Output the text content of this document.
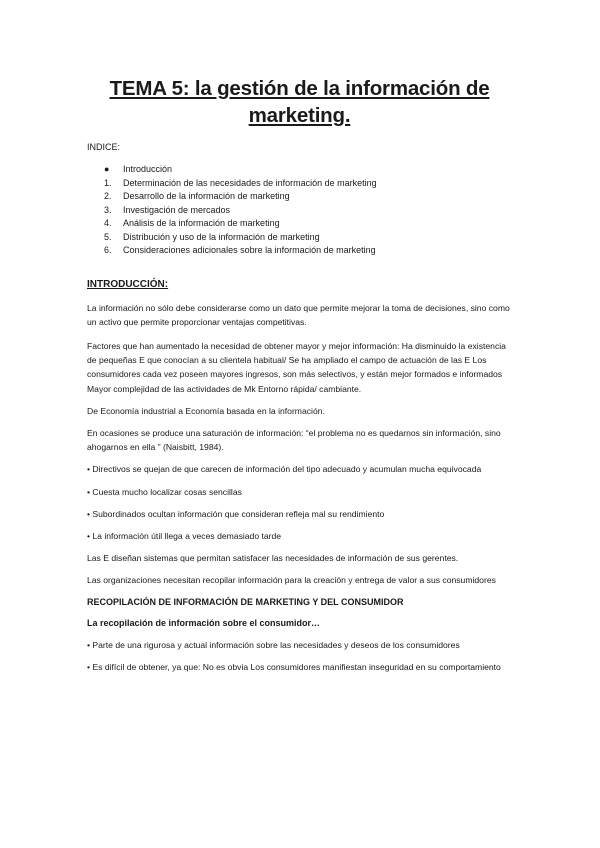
TEMA 5: la gestión de la información de
marketing.
INDICE:
● Introducción
1. Determinación de las necesidades de información de marketing
2. Desarrollo de la información de marketing
3. Investigación de mercados
4. Análisis de la información de marketing
5. Distribución y uso de la información de marketing
6. Consideraciones adicionales sobre la información de marketing
INTRODUCCIÓN:

La información no sólo debe considerarse como un dato que permite mejorar la toma de decisiones, sino como un activo que permite proporcionar ventajas competitivas.

Factores que han aumentado la necesidad de obtener mayor y mejor información: Ha disminuido la existencia de pequeñas E que conocían a su clientela habitual/ Se ha ampliado el campo de actuación de las E Los consumidores cada vez poseen mayores ingresos, son más selectivos, y están mejor formados e informados Mayor complejidad de las actividades de Mk Entorno rápida/ cambiante.

De Economía industrial a Economía basada en la información.

En ocasiones se produce una saturación de información: “el problema no es quedarnos sin información, sino ahogarnos en ella ” (Naisbitt, 1984).

• Directivos se quejan de que carecen de información del tipo adecuado y acumulan mucha equivocada

• Cuesta mucho localizar cosas sencillas

• Subordinados ocultan información que consideran refleja mal su rendimiento

• La información útil llega a veces demasiado tarde

Las E diseñan sistemas que permitan satisfacer las necesidades de información de sus gerentes.

Las organizaciones necesitan recopilar información para la creación y entrega de valor a sus consumidores

RECOPILACIÓN DE INFORMACIÓN DE MARKETING Y DEL CONSUMIDOR
La recopilación de información sobre el consumidor…

• Parte de una rigurosa y actual información sobre las necesidades y deseos de los consumidores

• Es difícil de obtener, ya que: No es obvia Los consumidores manifiestan inseguridad en su comportamiento
